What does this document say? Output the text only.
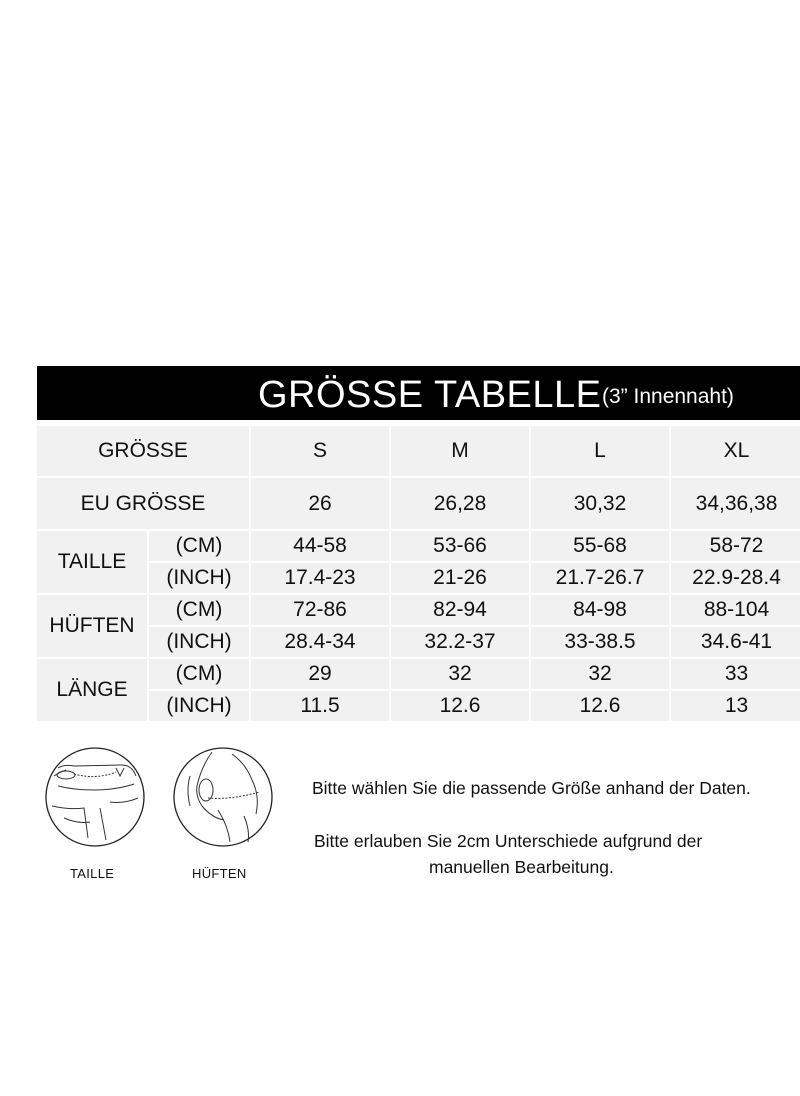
GRÖSSE TABELLE (3” Innennaht)
GRÖSSE		S	M	L	XL
EU GRÖSSE		26	26,28	30,32	34,36,38
TAILLE	(CM)	44-58	53-66	55-68	58-72
	(INCH)	17.4-23	21-26	21.7-26.7	22.9-28.4
HÜFTEN	(CM)	72-86	82-94	84-98	88-104
	(INCH)	28.4-34	32.2-37	33-38.5	34.6-41
LÄNGE	(CM)	29	32	32	33
	(INCH)	11.5	12.6	12.6	13
TAILLE	HÜFTEN
Bitte wählen Sie die passende Größe anhand der Daten.
Bitte erlauben Sie 2cm Unterschiede aufgrund der
manuellen Bearbeitung.
